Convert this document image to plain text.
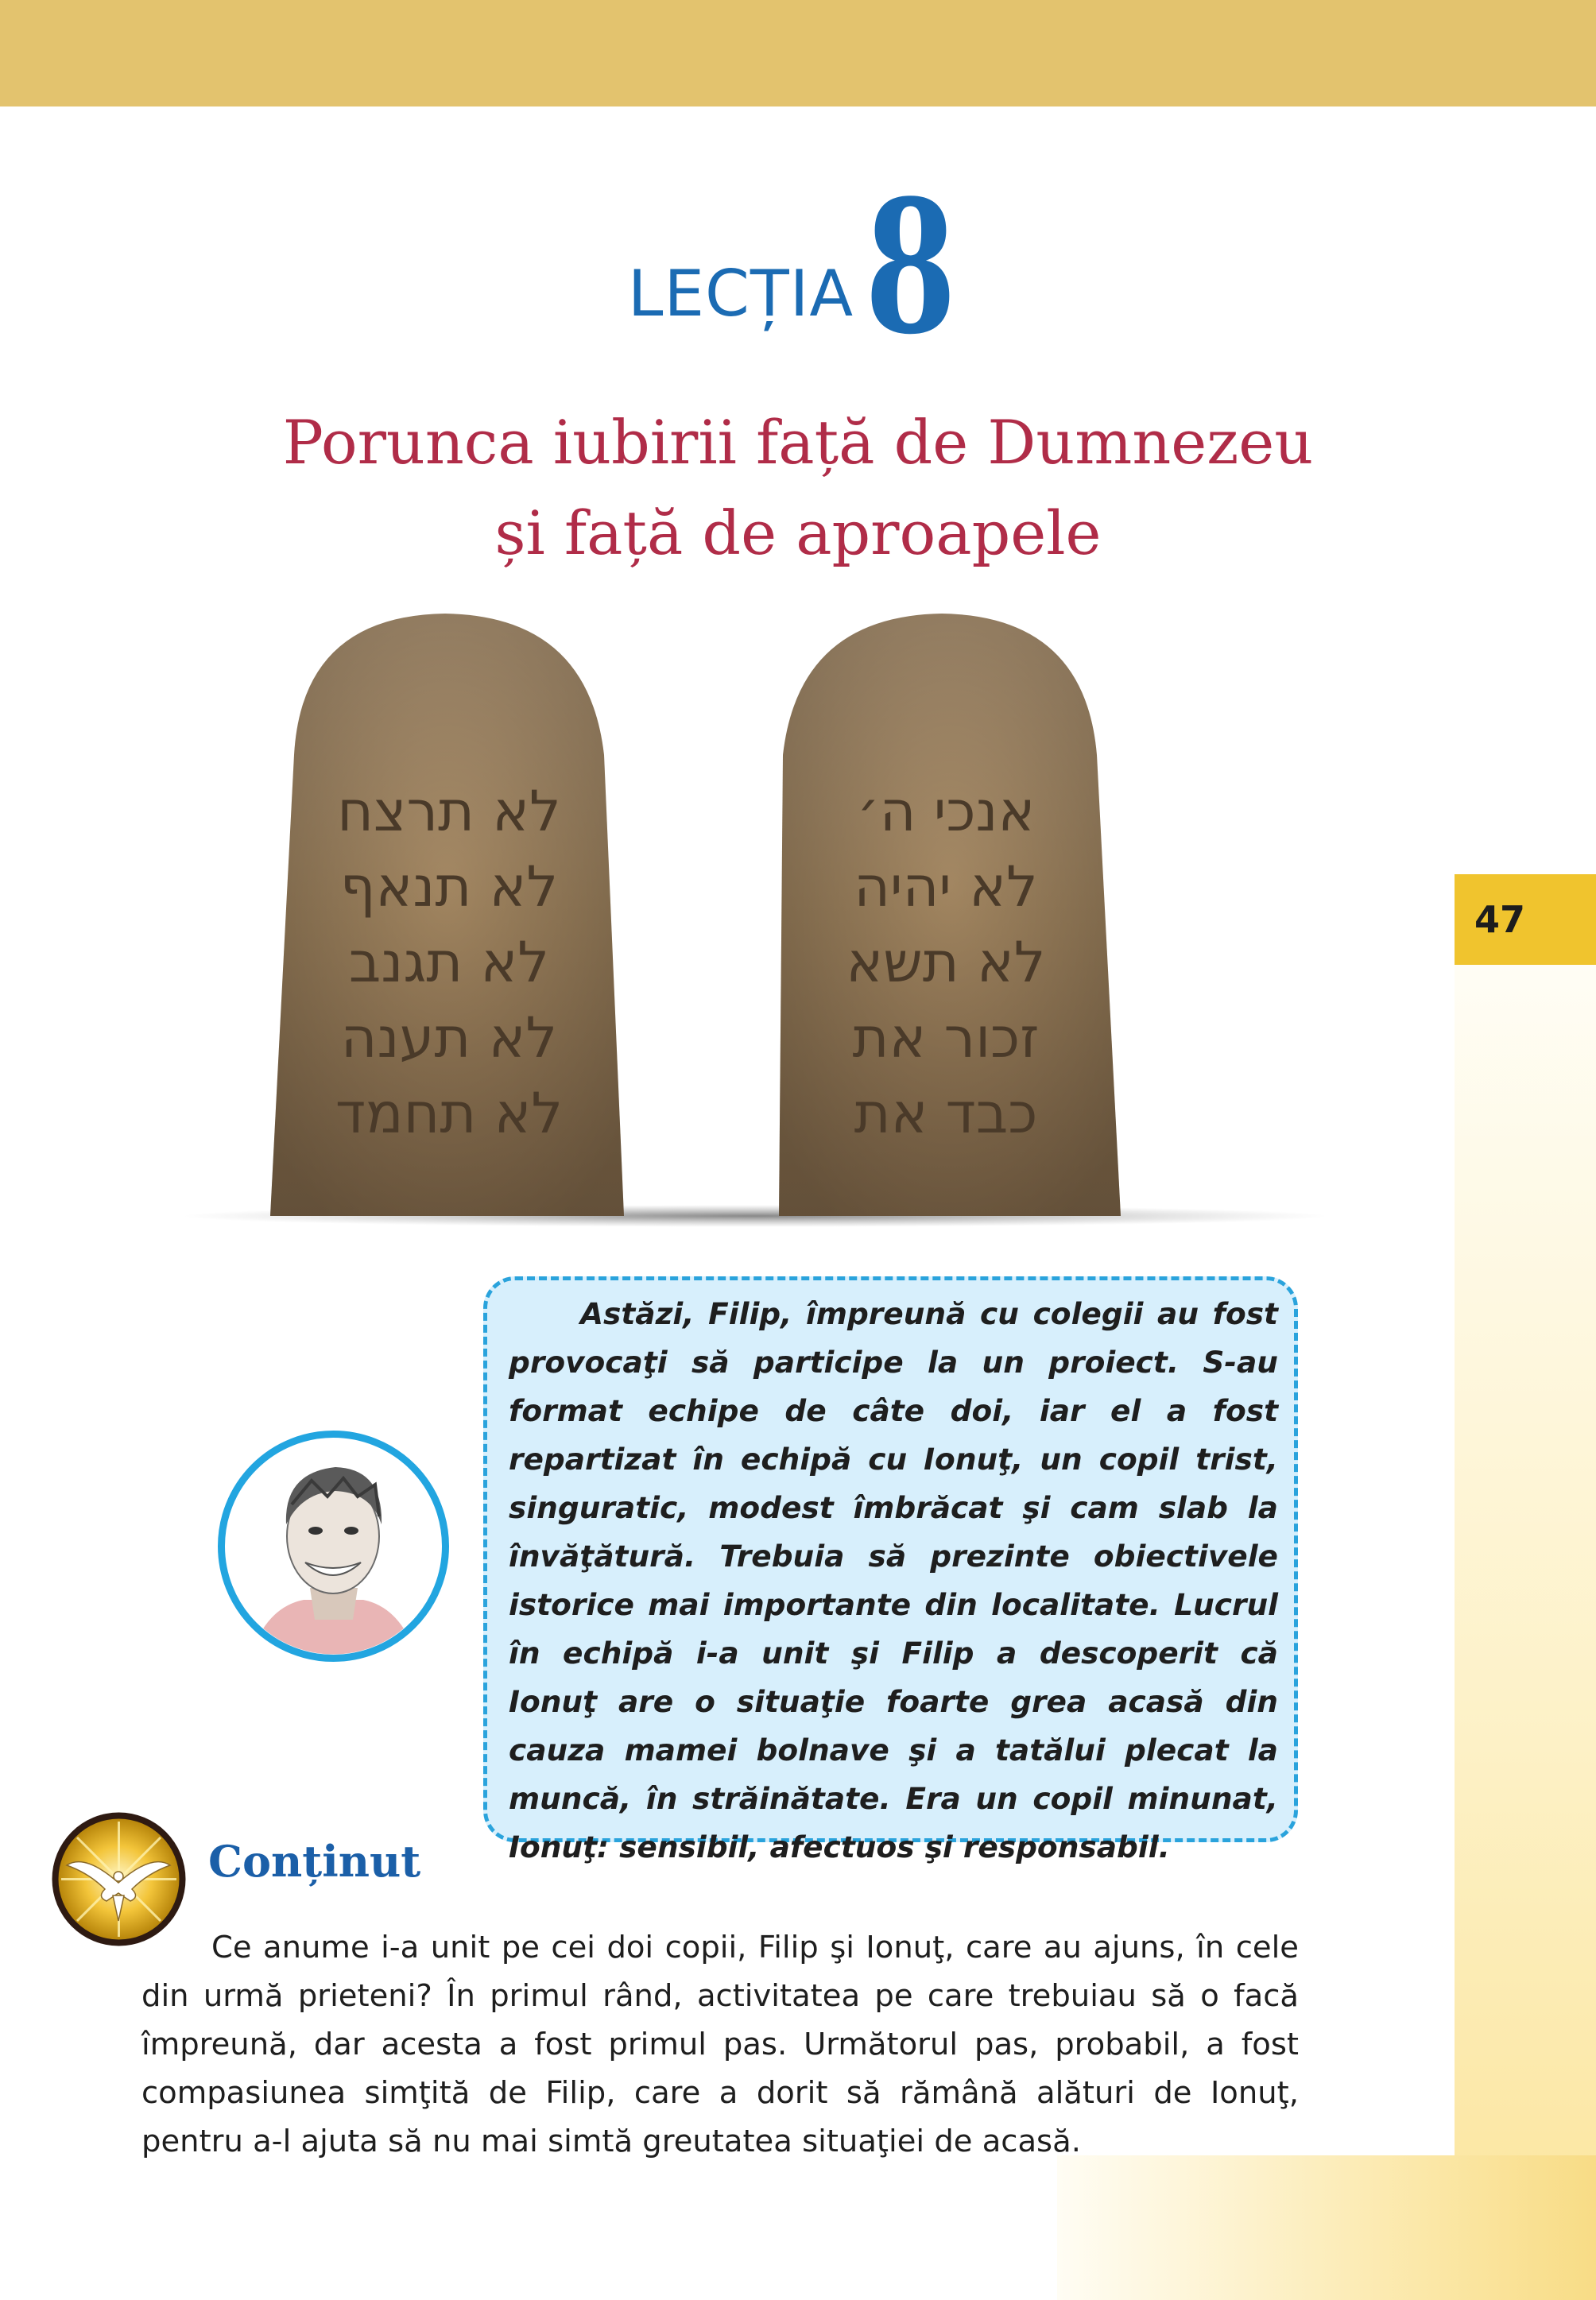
47
LECȚIA 8
Porunca iubirii față de Dumnezeu
și față de aproapele
לא תרצח
לא תנאף
לא תגנב
לא תענה
לא תחמד
אנכי ה׳
לא יהיה
לא תשא
זכור את
כבד את
Astăzi, Filip, împreună cu colegii au fost provocaţi să participe la un proiect. S-au format echipe de câte doi, iar el a fost repartizat în echipă cu Ionuţ, un copil trist, singuratic, modest îmbrăcat şi cam slab la învăţătură. Trebuia să prezinte obiectivele istorice mai importante din localitate. Lucrul în echipă i-a unit şi Filip a descoperit că Ionuţ are o situaţie foarte grea acasă din cauza mamei bolnave şi a tatălui plecat la muncă, în străinătate. Era un copil minunat, Ionuţ: sensibil, afectuos şi responsabil.
Conținut
Ce anume i-a unit pe cei doi copii, Filip şi Ionuţ, care au ajuns, în cele din urmă prieteni? În primul rând, activitatea pe care trebuiau să o facă împreună, dar acesta a fost primul pas. Următorul pas, probabil, a fost compasiunea simţită de Filip, care a dorit să rămână alături de Ionuţ, pentru a-l ajuta să nu mai simtă greutatea situaţiei de acasă.
